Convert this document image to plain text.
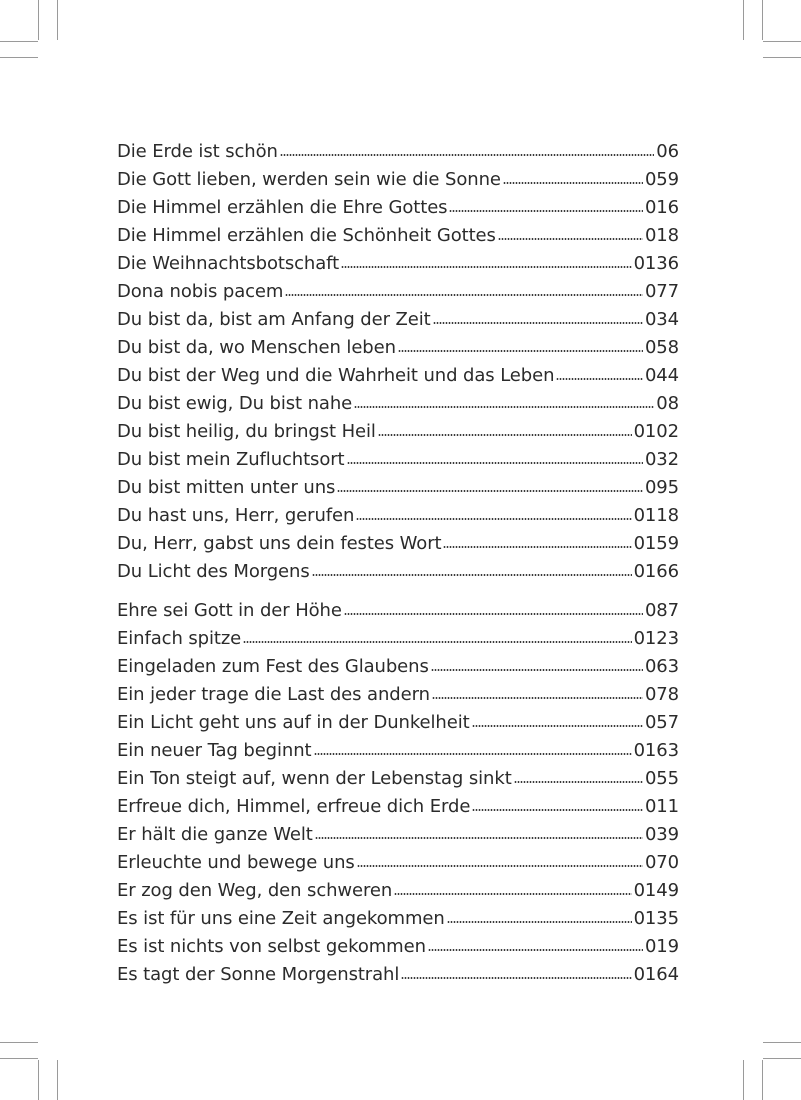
Die Erde ist schön	06
Die Gott lieben, werden sein wie die Sonne	059
Die Himmel erzählen die Ehre Gottes	016
Die Himmel erzählen die Schönheit Gottes	018
Die Weihnachtsbotschaft	0136
Dona nobis pacem	077
Du bist da, bist am Anfang der Zeit	034
Du bist da, wo Menschen leben	058
Du bist der Weg und die Wahrheit und das Leben	044
Du bist ewig, Du bist nahe	08
Du bist heilig, du bringst Heil	0102
Du bist mein Zufluchtsort	032
Du bist mitten unter uns	095
Du hast uns, Herr, gerufen	0118
Du, Herr, gabst uns dein festes Wort	0159
Du Licht des Morgens	0166
Ehre sei Gott in der Höhe	087
Einfach spitze	0123
Eingeladen zum Fest des Glaubens	063
Ein jeder trage die Last des andern	078
Ein Licht geht uns auf in der Dunkelheit	057
Ein neuer Tag beginnt	0163
Ein Ton steigt auf, wenn der Lebenstag sinkt	055
Erfreue dich, Himmel, erfreue dich Erde	011
Er hält die ganze Welt	039
Erleuchte und bewege uns	070
Er zog den Weg, den schweren	0149
Es ist für uns eine Zeit angekommen	0135
Es ist nichts von selbst gekommen	019
Es tagt der Sonne Morgenstrahl	0164
